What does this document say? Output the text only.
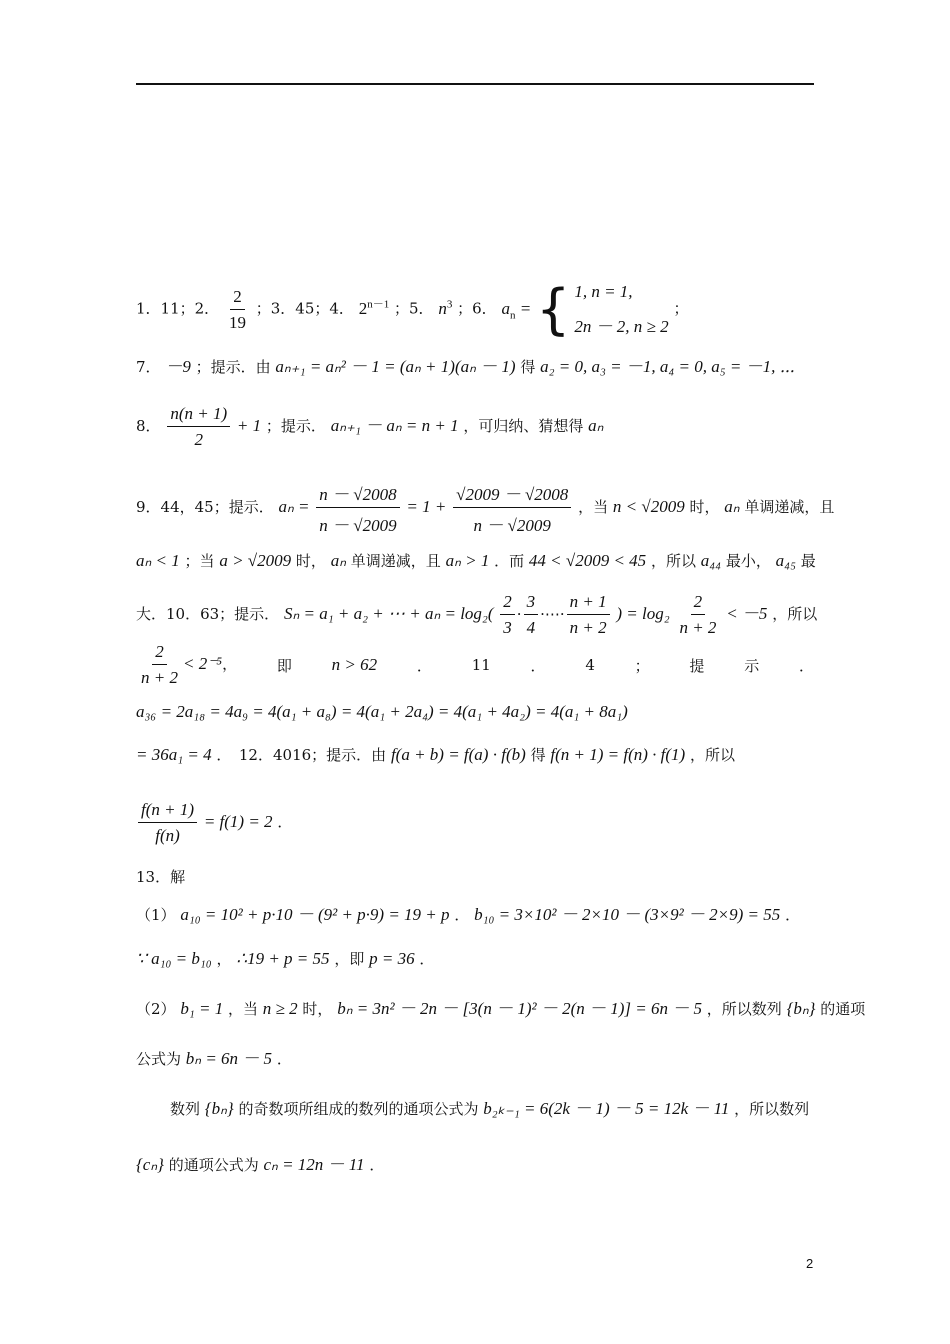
1．11；2． $\frac{2}{19}$ ；3．45；4． $2^{n-1}$ ；5． $n^3$ ；6． $a_n$ = { 1, n = 1,
2n － 2, n ≥ 2
；
7． －9 ；提示．由 aₙ₊₁ = aₙ² － 1 = (aₙ + 1)(aₙ － 1) 得 a₂ = 0, a₃ = －1, a₄ = 0, a₅ = －1, ⋯
8． $\frac{n(n + 1)}{2} + 1$ ；提示． aₙ₊₁ － aₙ = n + 1 ，可归纳、猜想得 aₙ
9．44，45；提示． $a_n = \frac{n - √2008}{n - √2009} = 1 + \frac{√2009 - √2008}{n - √2009}$ ，当 n < √2009 时， aₙ 单调递减，且
aₙ < 1 ；当 a > √2009 时， aₙ 单调递减，且 aₙ > 1 ．而 44 < √2009 < 45 ，所以 a₄₄ 最小， a₄₅ 最
大．10．63；提示． Sₙ = a₁ + a₂ + ⋯ + $a_n = \log_2( \frac{2}{3} \cdot \frac{3}{4}$ ·⋯· $\frac{n + 1}{n + 2}$ ) = $\log_2 \frac{2}{n + 2} < -5$ ，所以
$\frac{2}{n + 2} < 2^{-5}$，	即 n > 62	．	11	．	4	；	提	示	．
a₃₆ = 2a₁₈ = 4a₉ = 4(a₁ + a₈) = 4(a₁ + 2a₄) = 4(a₁ + 4a₂) = 4(a₁ + 8a₁)
= 36a₁ = 4 ．　12．4016；提示．由 f(a + b) = f(a) · f(b) 得 f(n + 1) = f(n) · f(1) ，所以
$\frac{f(n + 1)}{f(n)} = f(1) = 2$ ．
13．解
（1） a₁₀ = 10² + p·10 － (9² + p·9) = 19 + p ． b₁₀ = 3×10² － 2×10 － (3×9² － 2×9) = 55 ．
∵ a₁₀ = b₁₀ ， ∴19 + p = 55 ，即 p = 36 ．
（2） b₁ = 1 ，当 n ≥ 2 时， bₙ = 3n² － 2n － [3(n － 1)² － 2(n － 1)] = 6n － 5 ，所以数列 {bₙ} 的通项
公式为 bₙ = 6n － 5 ．
数列 {bₙ} 的奇数项所组成的数列的通项公式为 b₂ₖ₋₁ = 6(2k － 1) － 5 = 12k － 11 ，所以数列
{cₙ} 的通项公式为 cₙ = 12n － 11 ．
2
